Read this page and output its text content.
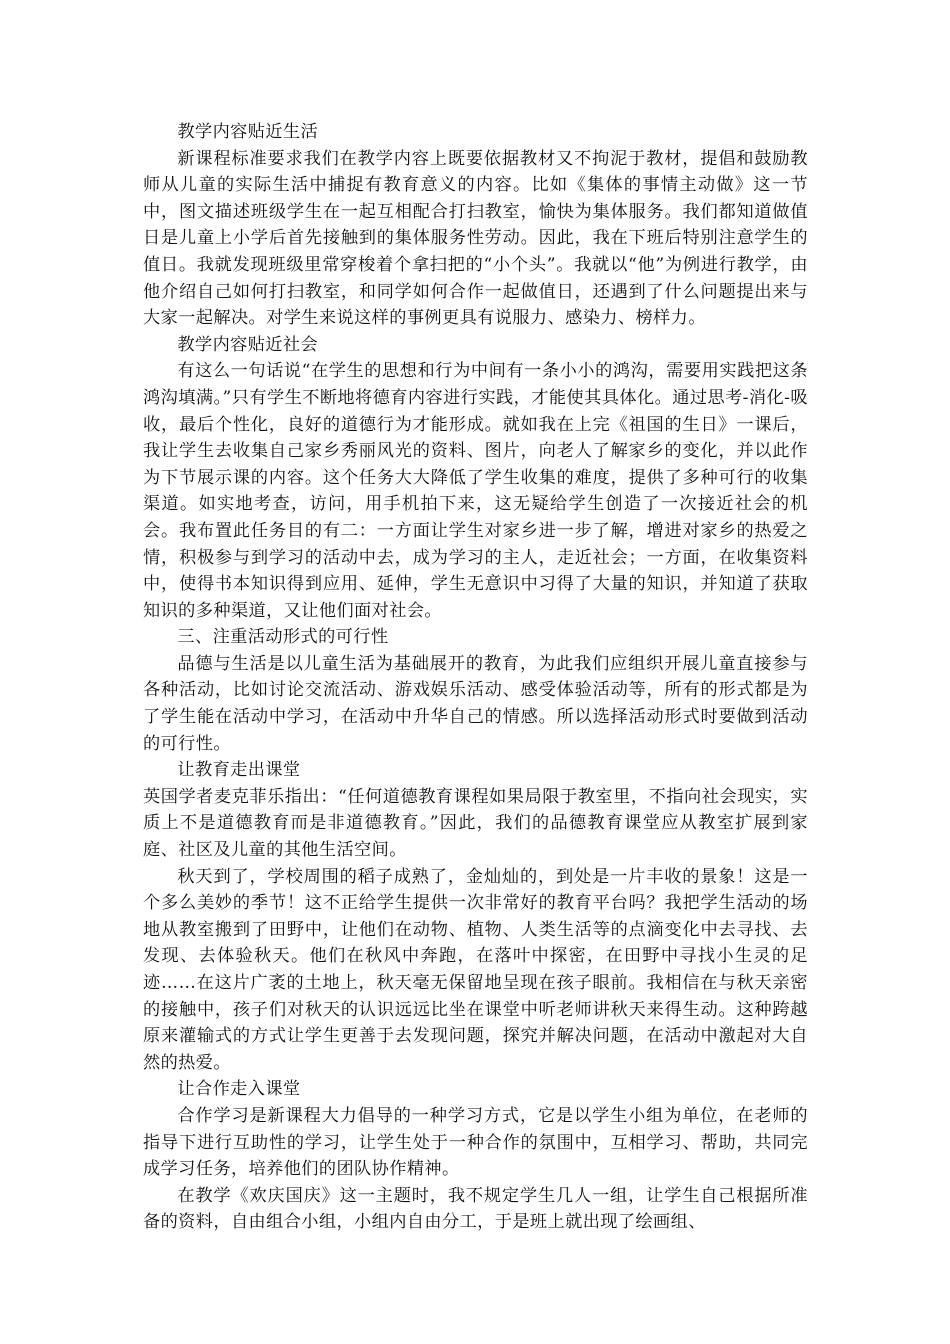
教学内容贴近生活

新课程标准要求我们在教学内容上既要依据教材又不拘泥于教材，提倡和鼓励教师从儿童的实际生活中捕捉有教育意义的内容。比如《集体的事情主动做》这一节中，图文描述班级学生在一起互相配合打扫教室，愉快为集体服务。我们都知道做值日是儿童上小学后首先接触到的集体服务性劳动。因此，我在下班后特别注意学生的值日。我就发现班级里常穿梭着个拿扫把的“小个头”。我就以“他”为例进行教学，由他介绍自己如何打扫教室，和同学如何合作一起做值日，还遇到了什么问题提出来与大家一起解决。对学生来说这样的事例更具有说服力、感染力、榜样力。

教学内容贴近社会

有这么一句话说“在学生的思想和行为中间有一条小小的鸿沟，需要用实践把这条鸿沟填满。”只有学生不断地将德育内容进行实践，才能使其具体化。通过思考-消化-吸收，最后个性化，良好的道德行为才能形成。就如我在上完《祖国的生日》一课后，我让学生去收集自己家乡秀丽风光的资料、图片，向老人了解家乡的变化，并以此作为下节展示课的内容。这个任务大大降低了学生收集的难度，提供了多种可行的收集渠道。如实地考查，访问，用手机拍下来，这无疑给学生创造了一次接近社会的机会。我布置此任务目的有二：一方面让学生对家乡进一步了解，增进对家乡的热爱之情，积极参与到学习的活动中去，成为学习的主人，走近社会；一方面，在收集资料中，使得书本知识得到应用、延伸，学生无意识中习得了大量的知识，并知道了获取知识的多种渠道，又让他们面对社会。

三、注重活动形式的可行性

品德与生活是以儿童生活为基础展开的教育，为此我们应组织开展儿童直接参与各种活动，比如讨论交流活动、游戏娱乐活动、感受体验活动等，所有的形式都是为了学生能在活动中学习，在活动中升华自己的情感。所以选择活动形式时要做到活动的可行性。

让教育走出课堂

英国学者麦克菲乐指出：“任何道德教育课程如果局限于教室里，不指向社会现实，实质上不是道德教育而是非道德教育。”因此，我们的品德教育课堂应从教室扩展到家庭、社区及儿童的其他生活空间。

秋天到了，学校周围的稻子成熟了，金灿灿的，到处是一片丰收的景象！这是一个多么美妙的季节！这不正给学生提供一次非常好的教育平台吗？我把学生活动的场地从教室搬到了田野中，让他们在动物、植物、人类生活等的点滴变化中去寻找、去发现、去体验秋天。他们在秋风中奔跑，在落叶中探密，在田野中寻找小生灵的足迹……在这片广袤的土地上，秋天毫无保留地呈现在孩子眼前。我相信在与秋天亲密的接触中，孩子们对秋天的认识远远比坐在课堂中听老师讲秋天来得生动。这种跨越原来灌输式的方式让学生更善于去发现问题，探究并解决问题，在活动中激起对大自然的热爱。

让合作走入课堂

合作学习是新课程大力倡导的一种学习方式，它是以学生小组为单位，在老师的指导下进行互助性的学习，让学生处于一种合作的氛围中，互相学习、帮助，共同完成学习任务，培养他们的团队协作精神。

在教学《欢庆国庆》这一主题时，我不规定学生几人一组，让学生自己根据所准备的资料，自由组合小组，小组内自由分工，于是班上就出现了绘画组、
